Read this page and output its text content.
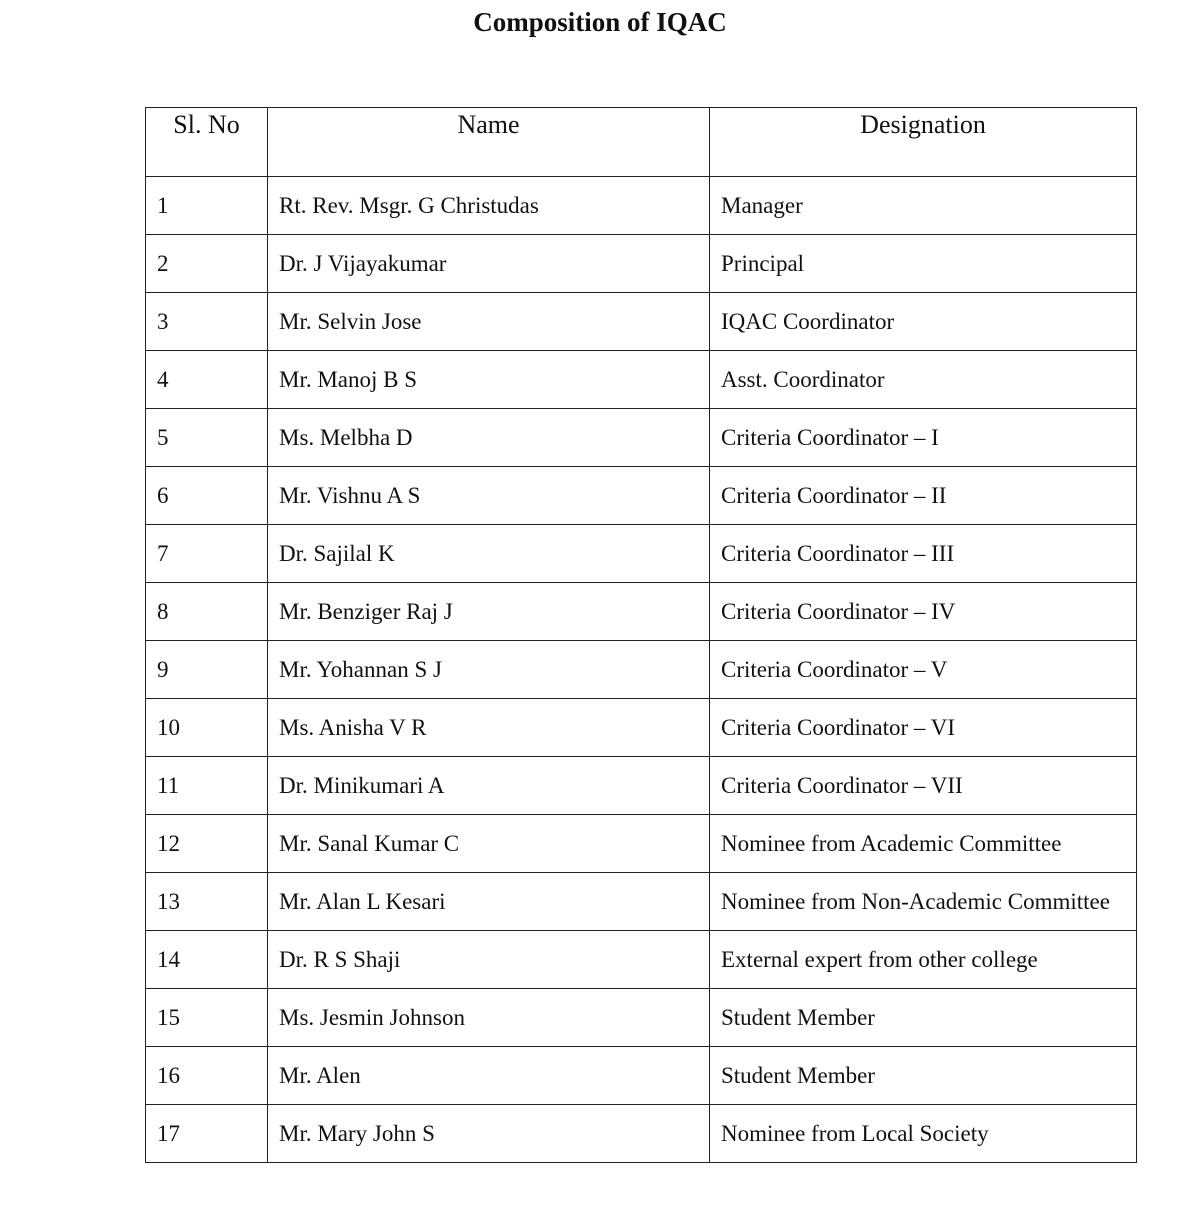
Composition of IQAC
Sl. No	Name	Designation
1	Rt. Rev. Msgr. G Christudas	Manager
2	Dr. J Vijayakumar	Principal
3	Mr. Selvin Jose	IQAC Coordinator
4	Mr. Manoj B S	Asst. Coordinator
5	Ms. Melbha D	Criteria Coordinator – I
6	Mr. Vishnu A S	Criteria Coordinator – II
7	Dr. Sajilal K	Criteria Coordinator – III
8	Mr. Benziger Raj J	Criteria Coordinator – IV
9	Mr. Yohannan S J	Criteria Coordinator – V
10	Ms. Anisha V R	Criteria Coordinator – VI
11	Dr. Minikumari A	Criteria Coordinator – VII
12	Mr. Sanal Kumar C	Nominee from Academic Committee
13	Mr. Alan L Kesari	Nominee from Non-Academic Committee
14	Dr. R S Shaji	External expert from other college
15	Ms. Jesmin Johnson	Student Member
16	Mr. Alen	Student Member
17	Mr. Mary John S	Nominee from Local Society
